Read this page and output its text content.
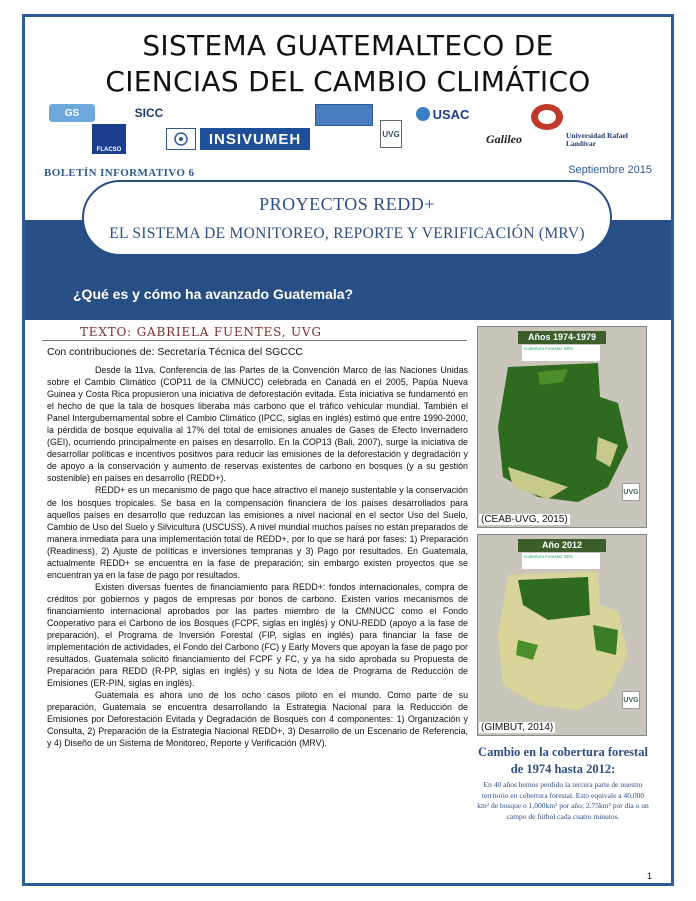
SISTEMA GUATEMALTECO DE
CIENCIAS DEL CAMBIO CLIMÁTICO
GS	SICC
FLACSO
INSIVUMEH	UVG
USAC
Galileo	Universidad Rafael Landívar
BOLETÍN INFORMATIVO 6	Septiembre 2015
PROYECTOS REDD+
EL SISTEMA DE MONITOREO, REPORTE Y VERIFICACIÓN (MRV)
¿Qué es y cómo ha avanzado Guatemala?
TEXTO: GABRIELA FUENTES, UVG
Con contribuciones de: Secretaría Técnica del SGCCC

Desde la 11va. Conferencia de las Partes de la Convención Marco de las Naciones Unidas sobre el Cambio Climático (COP11 de la CMNUCC) celebrada en Canadá en el 2005, Papúa Nueva Guinea y Costa Rica propusieron una iniciativa de deforestación evitada. Esta iniciativa se fundamentó en el hecho de que la tala de bosques liberaba más carbono que el tráfico vehicular mundial. También el Panel Intergubernamental sobre el Cambio Climático (IPCC, siglas en inglés) estimó que entre 1990-2000, la pérdida de bosque equivalía al 17% del total de emisiones anuales de Gases de Efecto Invernadero (GEI), ocurriendo principalmente en países en desarrollo. En la COP13 (Bali, 2007), surge la iniciativa de desarrollar políticas e incentivos positivos para reducir las emisiones de la deforestación y degradación y de apoyo a la conservación y aumento de reservas existentes de carbono en bosques (y a su gestión sostenible) en países en desarrollo (REDD+).

REDD+ es un mecanismo de pago que hace atractivo el manejo sustentable y la conservación de los bosques tropicales. Se basa en la compensación financiera de los países desarrollados para aquellos países en desarrollo que reduzcan las emisiones a nivel nacional en el sector Uso del Suelo, Cambio de Uso del Suelo y Silvicultura (USCUSS). A nivel mundial muchos países no están preparados de manera inmediata para una implementación total de REDD+, por lo que se hará por fases: 1) Preparación (Readiness), 2) Ajuste de políticas e inversiones tempranas y 3) Pago por resultados. En Guatemala, actualmente REDD+ se encuentra en la fase de preparación; sin embargo existen proyectos que se encuentran ya en la fase de pago por resultados.

Existen diversas fuentes de financiamiento para REDD+: fondos internacionales, compra de créditos por gobiernos y pagos de empresas por bonos de carbono. Existen varios mecanismos de financiamiento internacional aprobados por las partes miembro de la CMNUCC como el Fondo Cooperativo para el Carbono de los Bosques (FCPF, siglas en inglés) y ONU-REDD (apoyo a la fase de preparación), el Programa de Inversión Forestal (FIP, siglas en inglés) para financiar la fase de implementación de actividades, el Fondo del Carbono (FC) y Early Movers que apoyan la fase de pago por resultados. Guatemala solicitó financiamiento del FCPF y FC, y ya ha sido aprobada su Propuesta de Preparación para REDD (R-PP, siglas en inglés) y su Nota de Idea de Programa de Reducción de Emisiones (ER-PIN, siglas en inglés).

Guatemala es ahora uno de los ocho casos piloto en el mundo. Como parte de su preparación, Guatemala se encuentra desarrollando la Estrategia Nacional para la Reducción de Emisiones por Deforestación Evitada y Degradación de Bosques con 4 componentes: 1) Organización y Consulta, 2) Preparación de la Estrategia Nacional REDD+, 3) Desarrollo de un Escenario de Referencia, y 4) Diseño de un Sistema de Monitoreo, Reporte y Verificación (MRV).

Años 1974-1979
Cobertura Forestal: 68%
UVG
(CEAB-UVG, 2015)
Año 2012
Cobertura Forestal: 35%
UVG
(GIMBUT, 2014)
Cambio en la cobertura forestal de 1974 hasta 2012:
En 40 años hemos perdido la tercera parte de nuestro territorio en cobertura forestal. Esto equivale a 40,000 km² de bosque o 1,000km² por año; 2.75km² por día o un campo de fútbol cada cuatro minutos.
1
